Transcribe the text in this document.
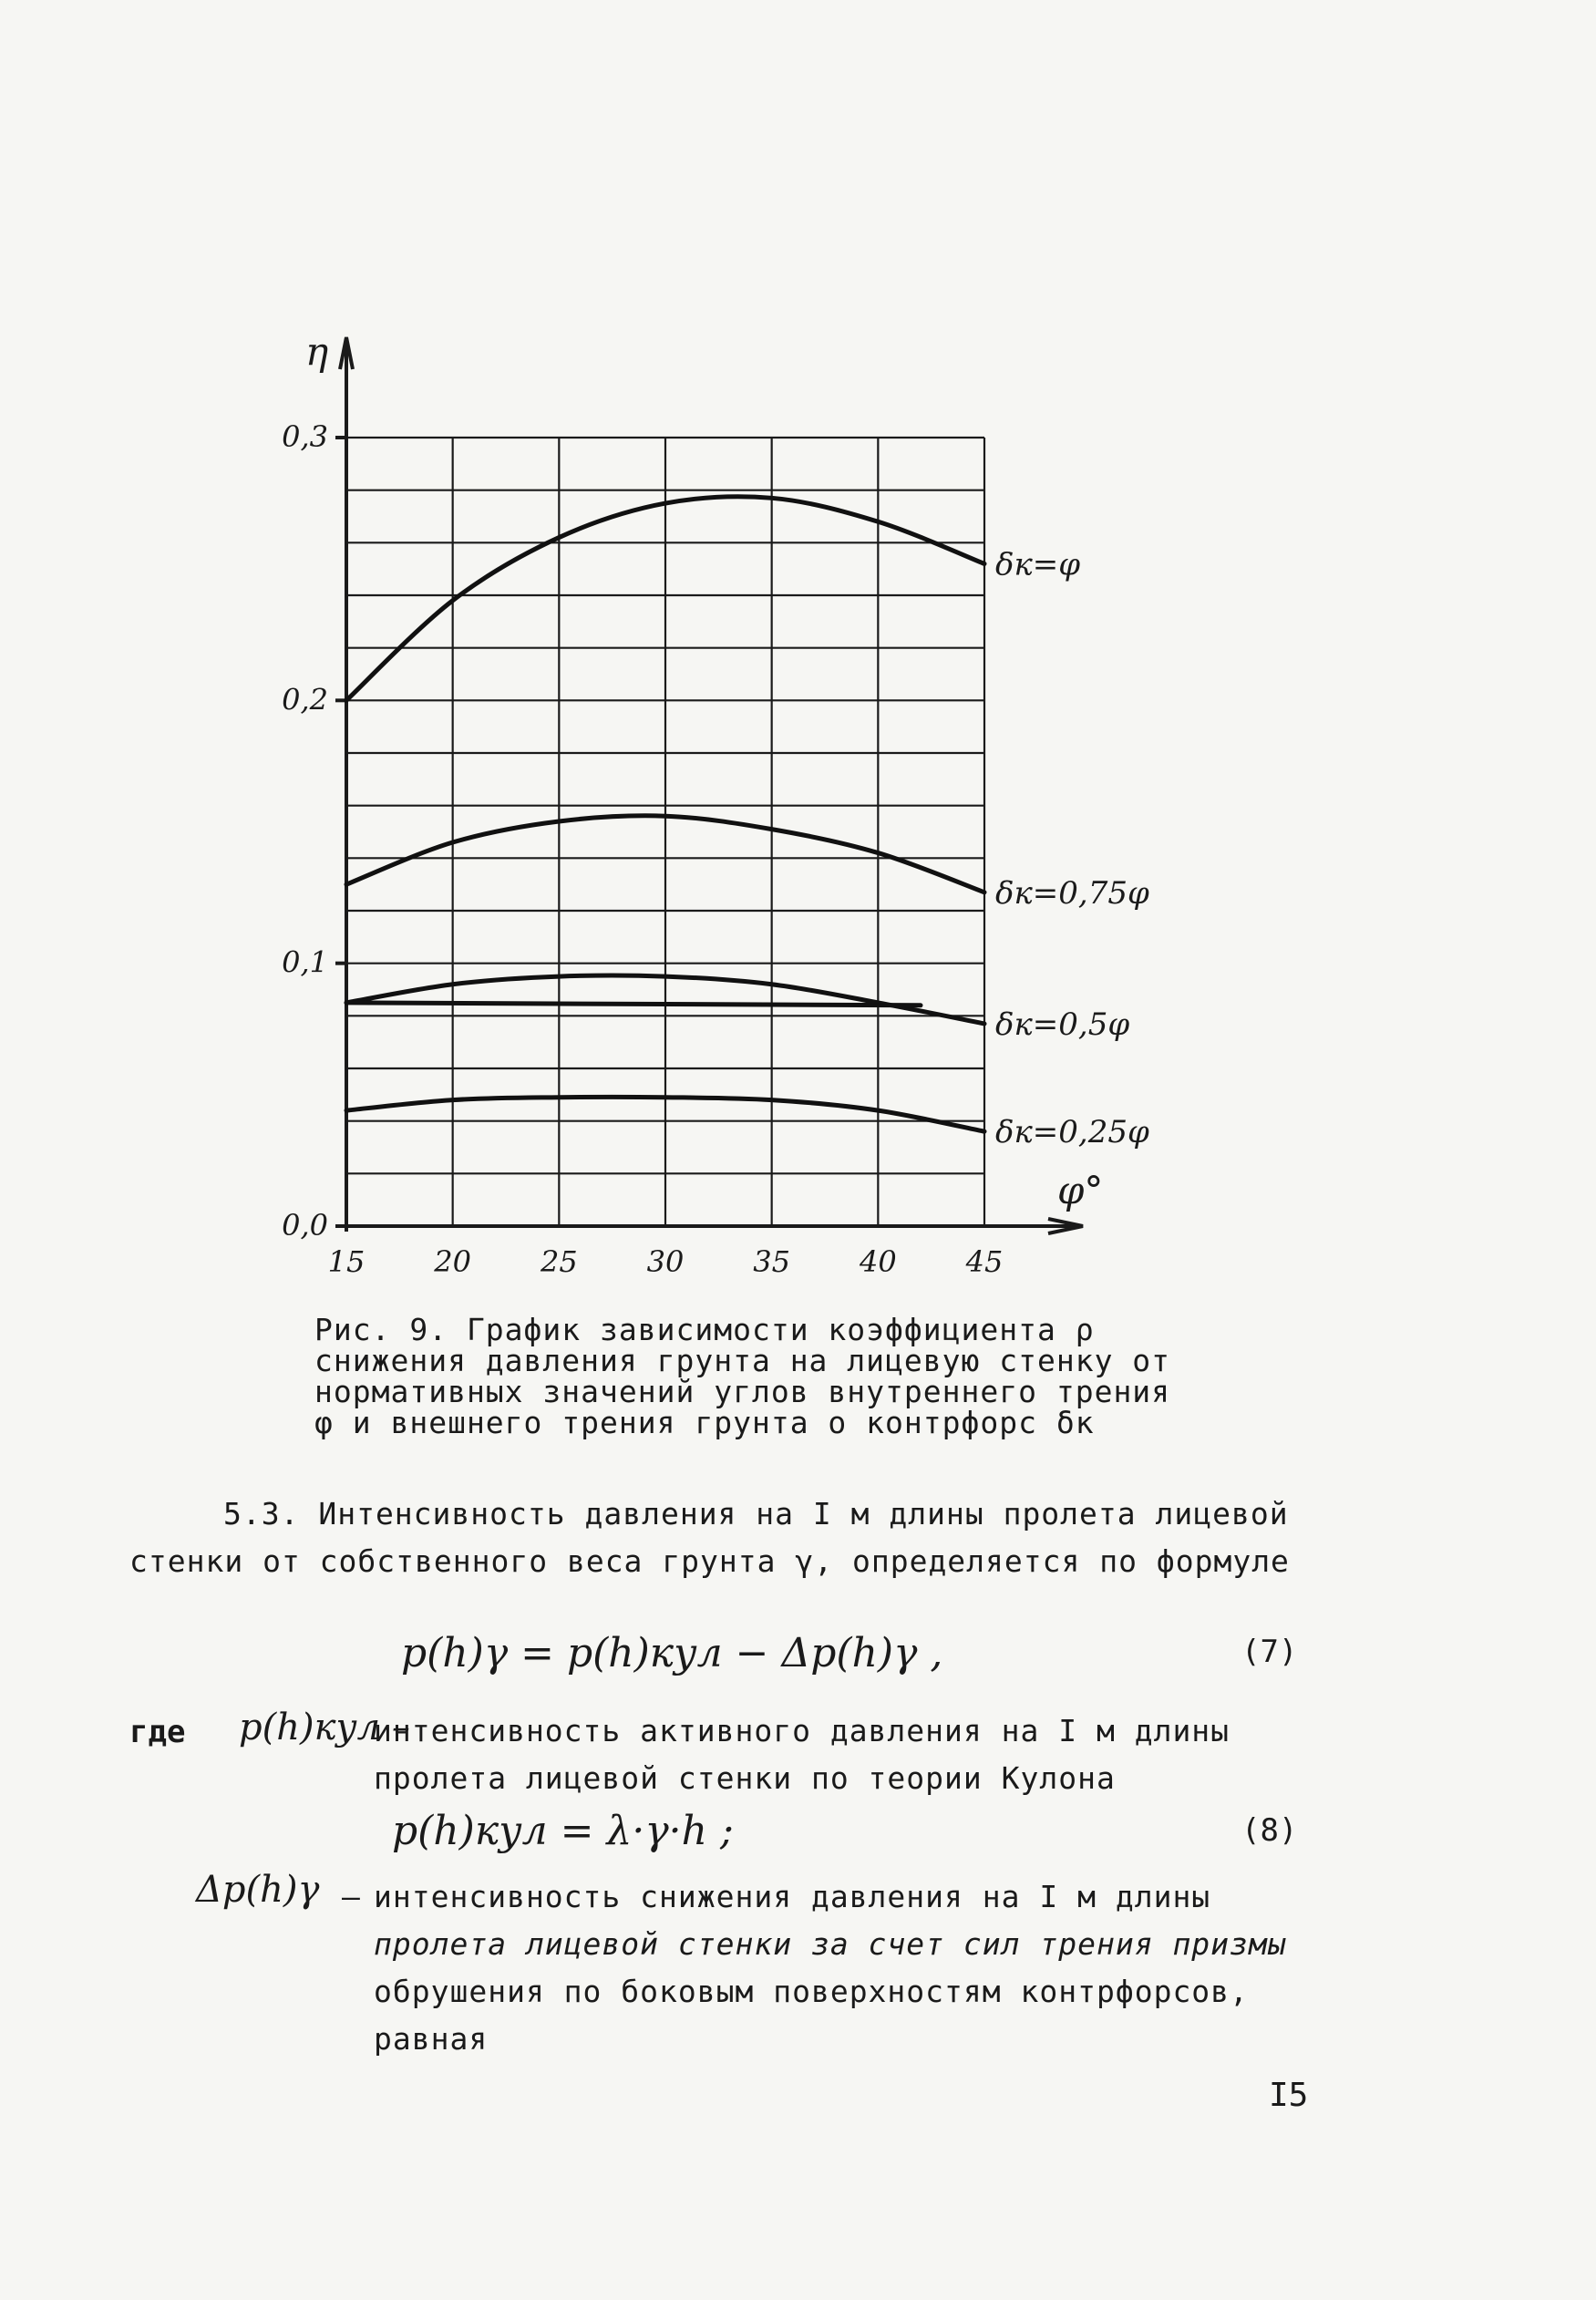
0,0
0,1
0,2
0,3
15 20 25 30 35 40 45
η
φ°
δк=φ
δк=0,75φ
δк=0,5φ
δк=0,25φ
Рис. 9. График зависимости коэффициента ρ
снижения давления грунта на лицевую стенку от
нормативных значений углов внутреннего трения
φ и внешнего трения грунта о контрфорс δк
5.3. Интенсивность давления на I м длины пролета лицевой
стенки от собственного веса грунта γ, определяется по формуле
p(h)γ = p(h)кул − Δp(h)γ ,	(7)
где p(h)кул –
интенсивность активного давления на I м длины
пролета лицевой стенки по теории Кулона
p(h)кул = λ·γ·h ;	(8)
Δp(h)γ – интенсивность снижения давления на I м длины
пролета лицевой стенки за счет сил трения призмы
обрушения по боковым поверхностям контрфорсов,
равная
I5
